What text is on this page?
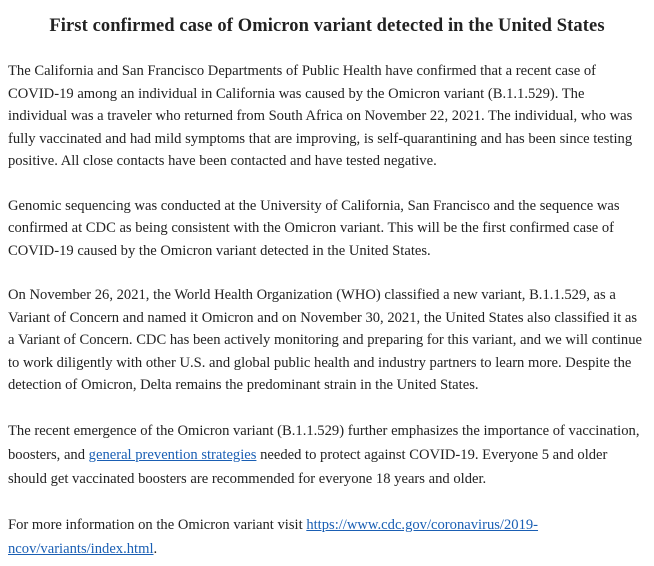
First confirmed case of Omicron variant detected in the United States

The California and San Francisco Departments of Public Health have confirmed that a recent case of COVID-19 among an individual in California was caused by the Omicron variant (B.1.1.529). The individual was a traveler who returned from South Africa on November 22, 2021. The individual, who was fully vaccinated and had mild symptoms that are improving, is self-quarantining and has been since testing positive. All close contacts have been contacted and have tested negative.

Genomic sequencing was conducted at the University of California, San Francisco and the sequence was confirmed at CDC as being consistent with the Omicron variant. This will be the first confirmed case of COVID-19 caused by the Omicron variant detected in the United States.

On November 26, 2021, the World Health Organization (WHO) classified a new variant, B.1.1.529, as a Variant of Concern and named it Omicron and on November 30, 2021, the United States also classified it as a Variant of Concern. CDC has been actively monitoring and preparing for this variant, and we will continue to work diligently with other U.S. and global public health and industry partners to learn more. Despite the detection of Omicron, Delta remains the predominant strain in the United States.

The recent emergence of the Omicron variant (B.1.1.529) further emphasizes the importance of vaccination, boosters, and general prevention strategies needed to protect against COVID-19. Everyone 5 and older should get vaccinated boosters are recommended for everyone 18 years and older.

For more information on the Omicron variant visit https://www.cdc.gov/coronavirus/2019-ncov/variants/index.html.
